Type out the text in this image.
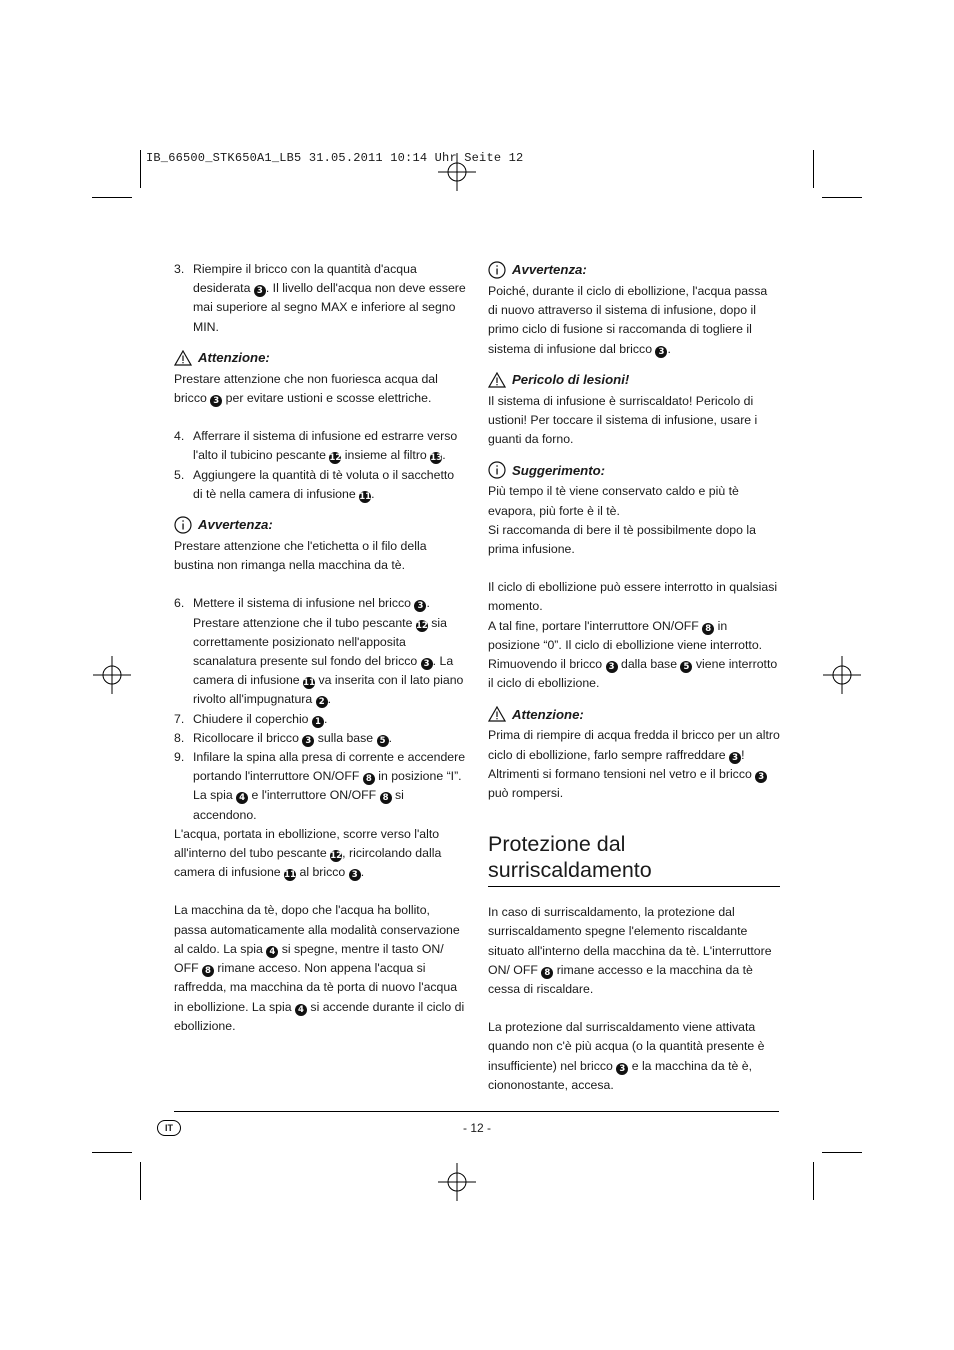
IB_66500_STK650A1_LB5 31.05.2011 10:14 Uhr Seite 12
3. Riempire il bricco con la quantità d'acqua desiderata 3 . Il livello dell'acqua non deve essere mai superiore al segno MAX e inferiore al segno MIN.
Attenzione:

Prestare attenzione che non fuoriesca acqua dal bricco 3 per evitare ustioni e scosse elettriche.

4. Afferrare il sistema di infusione ed estrarre verso l'alto il tubicino pescante 12 insieme al filtro 13.
5. Aggiungere la quantità di tè voluta o il sacchetto di tè nella camera di infusione 11.
Avvertenza:

Prestare attenzione che l'etichetta o il filo della bustina non rimanga nella macchina da tè.

6. Mettere il sistema di infusione nel bricco 3 . Prestare attenzione che il tubo pescante 12 sia correttamente posizionato nell'apposita scanalatura presente sul fondo del bricco 3 . La camera di infusione 11 va inserita con il lato piano rivolto all'impugnatura 2 .
7. Chiudere il coperchio 1 .
8. Ricollocare il bricco 3 sulla base 5 .
9. Infilare la spina alla presa di corrente e accendere portando l'interruttore ON/OFF 8 in posizione “I”. La spia 4 e l'interruttore ON/OFF 8 si accendono.

L'acqua, portata in ebollizione, scorre verso l'alto all'interno del tubo pescante 12, ricircolando dalla camera di infusione 11 al bricco 3 .

La macchina da tè, dopo che l'acqua ha bollito, passa automaticamente alla modalità conservazione al caldo. La spia 4 si spegne, mentre il tasto ON/ OFF 8 rimane acceso. Non appena l'acqua si raffredda, ma macchina da tè porta di nuovo l'acqua in ebollizione. La spia 4 si accende durante il ciclo di ebollizione.

Avvertenza:

Poiché, durante il ciclo di ebollizione, l'acqua passa di nuovo attraverso il sistema di infusione, dopo il primo ciclo di fusione si raccomanda di togliere il sistema di infusione dal bricco 3 .

Pericolo di lesioni!

Il sistema di infusione è surriscaldato! Pericolo di ustioni! Per toccare il sistema di infusione, usare i guanti da forno.

Suggerimento:

Più tempo il tè viene conservato caldo e più tè evapora, più forte è il tè.

Si raccomanda di bere il tè possibilmente dopo la prima infusione.

Il ciclo di ebollizione può essere interrotto in qualsiasi momento.

A tal fine, portare l'interruttore ON/OFF 8 in posizione “0”. Il ciclo di ebollizione viene interrotto. Rimuovendo il bricco 3 dalla base 5 viene interrotto il ciclo di ebollizione.

Attenzione:

Prima di riempire di acqua fredda il bricco per un altro ciclo di ebollizione, farlo sempre raffreddare 3 ! Altrimenti si formano tensioni nel vetro e il bricco 3 può rompersi.

Protezione dal surriscaldamento

In caso di surriscaldamento, la protezione dal surriscaldamento spegne l'elemento riscaldante situato all'interno della macchina da tè. L'interruttore ON/ OFF 8 rimane accesso e la macchina da tè cessa di riscaldare.

La protezione dal surriscaldamento viene attivata quando non c'è più acqua (o la quantità presente è insufficiente) nel bricco 3 e la macchina da tè è, ciononostante, accesa.

IT	- 12 -
